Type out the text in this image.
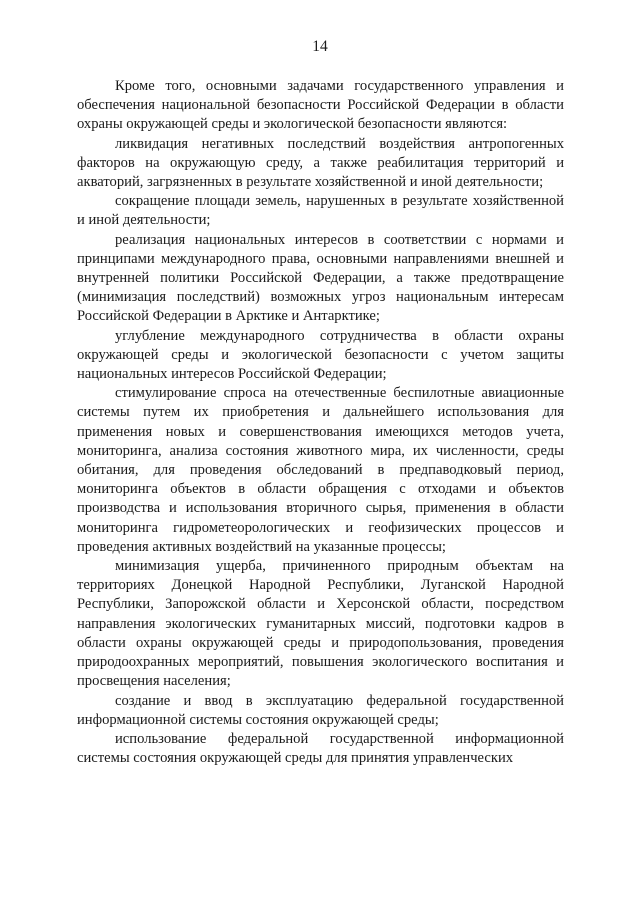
14

Кроме того, основными задачами государственного управления и обеспечения национальной безопасности Российской Федерации в области охраны окружающей среды и экологической безопасности являются:

ликвидация негативных последствий воздействия антропогенных факторов на окружающую среду, а также реабилитация территорий и акваторий, загрязненных в результате хозяйственной и иной деятельности;

сокращение площади земель, нарушенных в результате хозяйственной и иной деятельности;

реализация национальных интересов в соответствии с нормами и принципами международного права, основными направлениями внешней и внутренней политики Российской Федерации, а также предотвращение (минимизация последствий) возможных угроз национальным интересам Российской Федерации в Арктике и Антарктике;

углубление международного сотрудничества в области охраны окружающей среды и экологической безопасности с учетом защиты национальных интересов Российской Федерации;

стимулирование спроса на отечественные беспилотные авиационные системы путем их приобретения и дальнейшего использования для применения новых и совершенствования имеющихся методов учета, мониторинга, анализа состояния животного мира, их численности, среды обитания, для проведения обследований в предпаводковый период, мониторинга объектов в области обращения с отходами и объектов производства и использования вторичного сырья, применения в области мониторинга гидрометеорологических и геофизических процессов и проведения активных воздействий на указанные процессы;

минимизация ущерба, причиненного природным объектам на территориях Донецкой Народной Республики, Луганской Народной Республики, Запорожской области и Херсонской области, посредством направления экологических гуманитарных миссий, подготовки кадров в области охраны окружающей среды и природопользования, проведения природоохранных мероприятий, повышения экологического воспитания и просвещения населения;

создание и ввод в эксплуатацию федеральной государственной информационной системы состояния окружающей среды;

использование федеральной государственной информационной системы состояния окружающей среды для принятия управленческих
